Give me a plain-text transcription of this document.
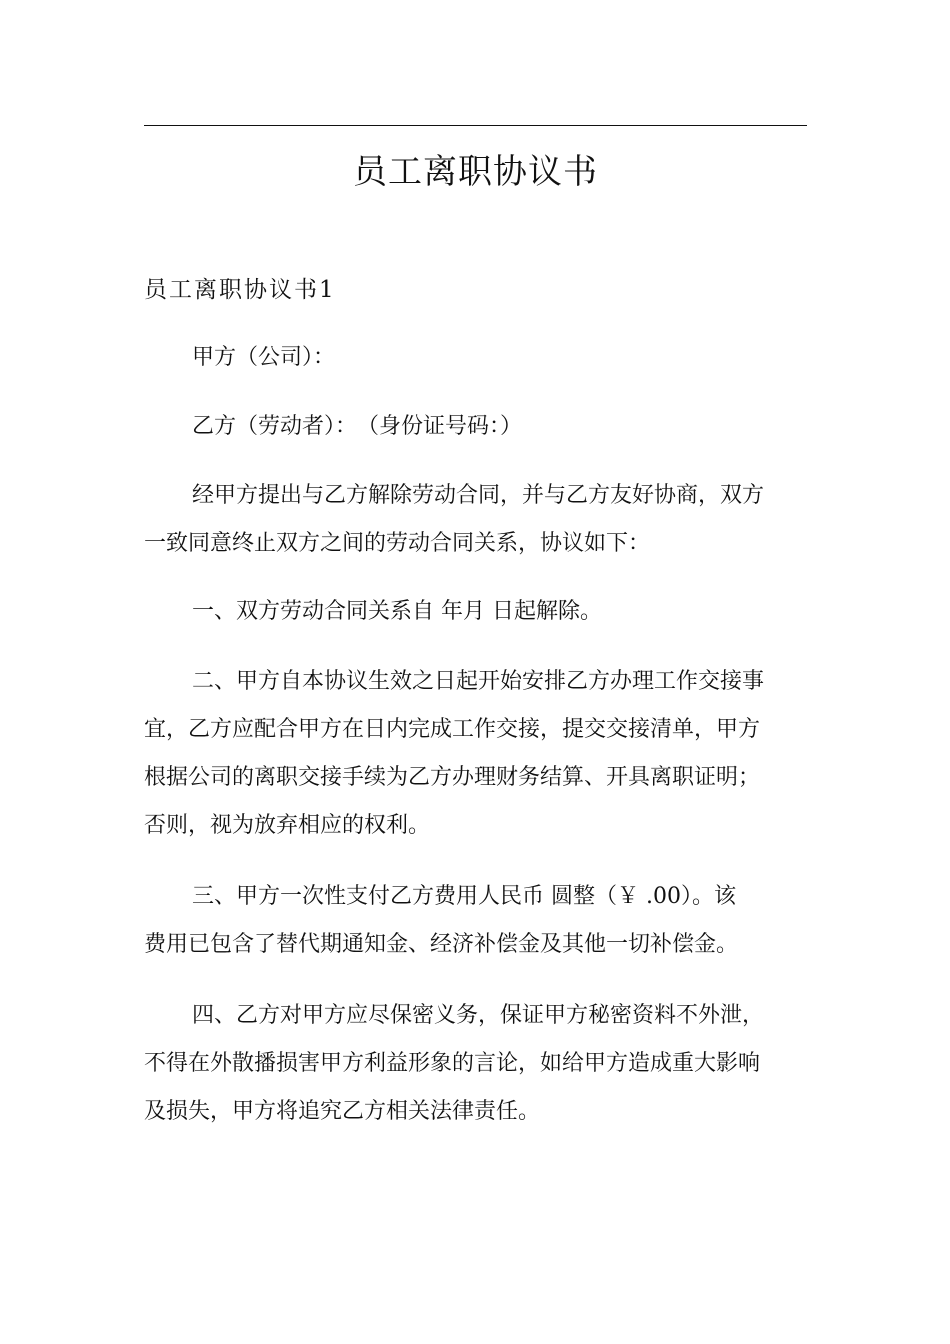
员工离职协议书
员工离职协议书1
甲方（公司）：
乙方（劳动者）：　（身份证号码：）
经甲方提出与乙方解除劳动合同，并与乙方友好协商，双方
一致同意终止双方之间的劳动合同关系，协议如下：
一、双方劳动合同关系自 年月 日起解除。
二、甲方自本协议生效之日起开始安排乙方办理工作交接事
宜，乙方应配合甲方在日内完成工作交接，提交交接清单，甲方
根据公司的离职交接手续为乙方办理财务结算、开具离职证明；
否则，视为放弃相应的权利。
三、甲方一次性支付乙方费用人民币 圆整（￥ .00）。该
费用已包含了替代期通知金、经济补偿金及其他一切补偿金。
四、乙方对甲方应尽保密义务，保证甲方秘密资料不外泄，
不得在外散播损害甲方利益形象的言论，如给甲方造成重大影响
及损失，甲方将追究乙方相关法律责任。
